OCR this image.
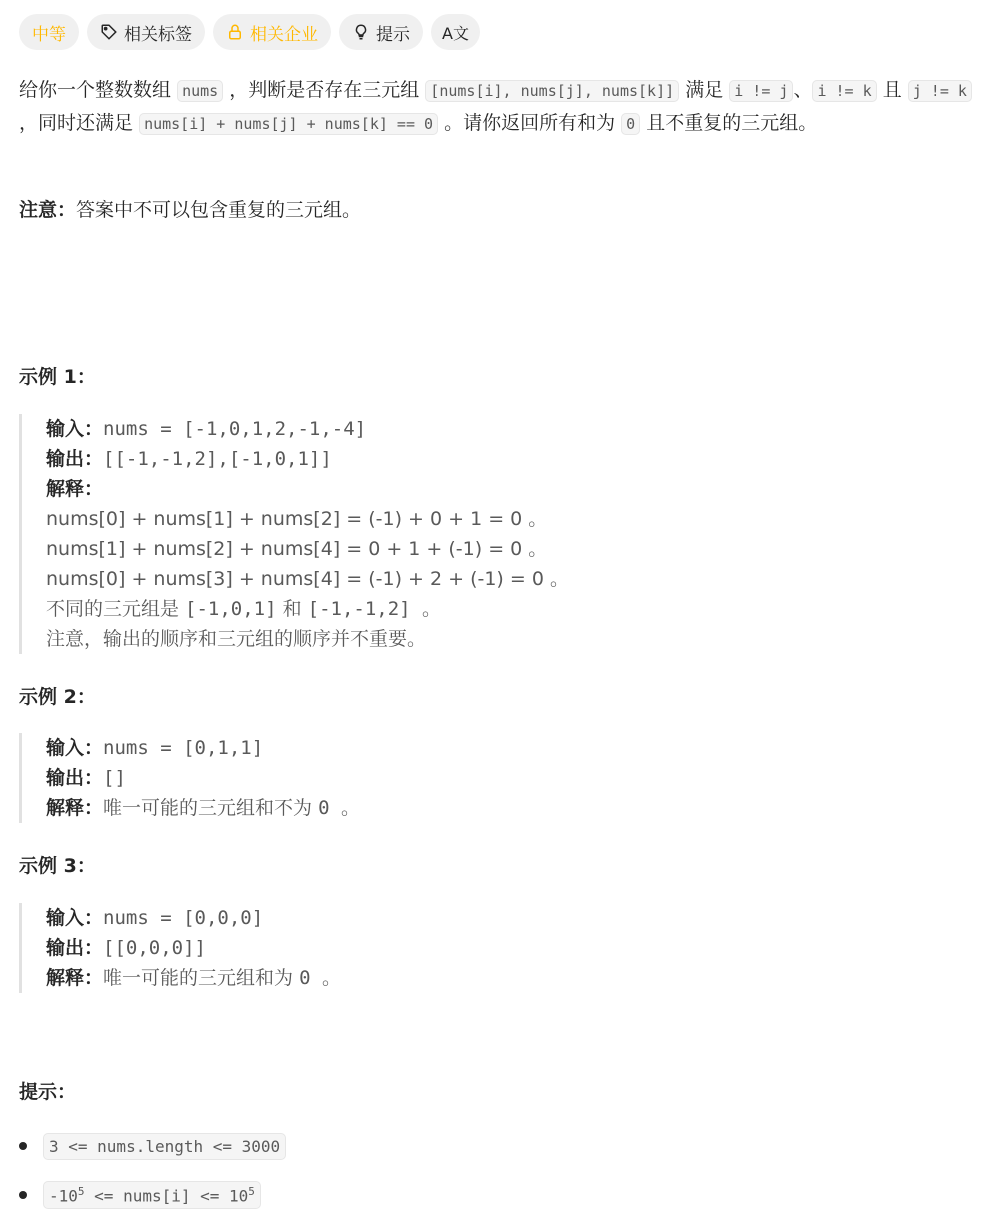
中等	相关标签	相关企业	提示 A文
给你一个整数数组 nums ，判断是否存在三元组 [nums[i], nums[j], nums[k]] 满足 i != j 、 i != k 且 j != k ，同时还满足 nums[i] + nums[j] + nums[k] == 0 。请你返回所有和为 0 且不重复的三元组。
注意：答案中不可以包含重复的三元组。
示例 1：
输入：nums = [-1,0,1,2,-1,-4]
输出：[[-1,-1,2],[-1,0,1]]
解释：
nums[0] + nums[1] + nums[2] = (-1) + 0 + 1 = 0 。
nums[1] + nums[2] + nums[4] = 0 + 1 + (-1) = 0 。
nums[0] + nums[3] + nums[4] = (-1) + 2 + (-1) = 0 。
不同的三元组是 [-1,0,1] 和 [-1,-1,2] 。
注意，输出的顺序和三元组的顺序并不重要。
示例 2：
输入：nums = [0,1,1]
输出：[]
解释：唯一可能的三元组和不为 0 。
示例 3：
输入：nums = [0,0,0]
输出：[[0,0,0]]
解释：唯一可能的三元组和为 0 。
提示：
3 <= nums.length <= 3000
$-10^5$ <= nums[i] <= $10^5$
